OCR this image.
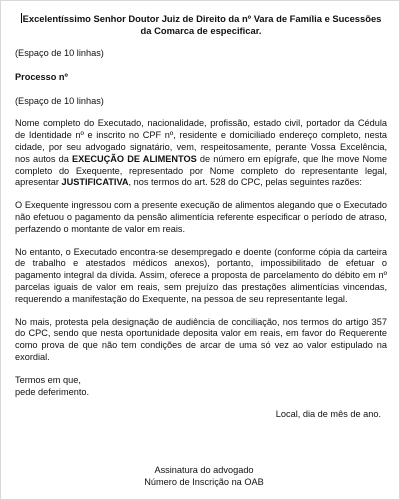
Excelentíssimo Senhor Doutor Juiz de Direito da nº Vara de Família e Sucessões da Comarca de especificar.

(Espaço de 10 linhas)

Processo nº

(Espaço de 10 linhas)

Nome completo do Executado, nacionalidade, profissão, estado civil, portador da Cédula de Identidade nº e inscrito no CPF nº, residente e domiciliado endereço completo, nesta cidade, por seu advogado signatário, vem, respeitosamente, perante Vossa Excelência, nos autos da EXECUÇÃO DE ALIMENTOS de número em epígrafe, que lhe move Nome completo do Exequente, representado por Nome completo do representante legal, apresentar JUSTIFICATIVA, nos termos do art. 528 do CPC, pelas seguintes razões:

O Exequente ingressou com a presente execução de alimentos alegando que o Executado não efetuou o pagamento da pensão alimentícia referente especificar o período de atraso, perfazendo o montante de valor em reais.

No entanto, o Executado encontra-se desempregado e doente (conforme cópia da carteira de trabalho e atestados médicos anexos), portanto, impossibilitado de efetuar o pagamento integral da dívida. Assim, oferece a proposta de parcelamento do débito em nº parcelas iguais de valor em reais, sem prejuízo das prestações alimentícias vincendas, requerendo a manifestação do Exequente, na pessoa de seu representante legal.

No mais, protesta pela designação de audiência de conciliação, nos termos do artigo 357 do CPC, sendo que nesta oportunidade deposita valor em reais, em favor do Requerente como prova de que não tem condições de arcar de uma só vez ao valor estipulado na exordial.

Termos em que,

pede deferimento.

Local, dia de mês de ano.

Assinatura do advogado

Número de Inscrição na OAB
